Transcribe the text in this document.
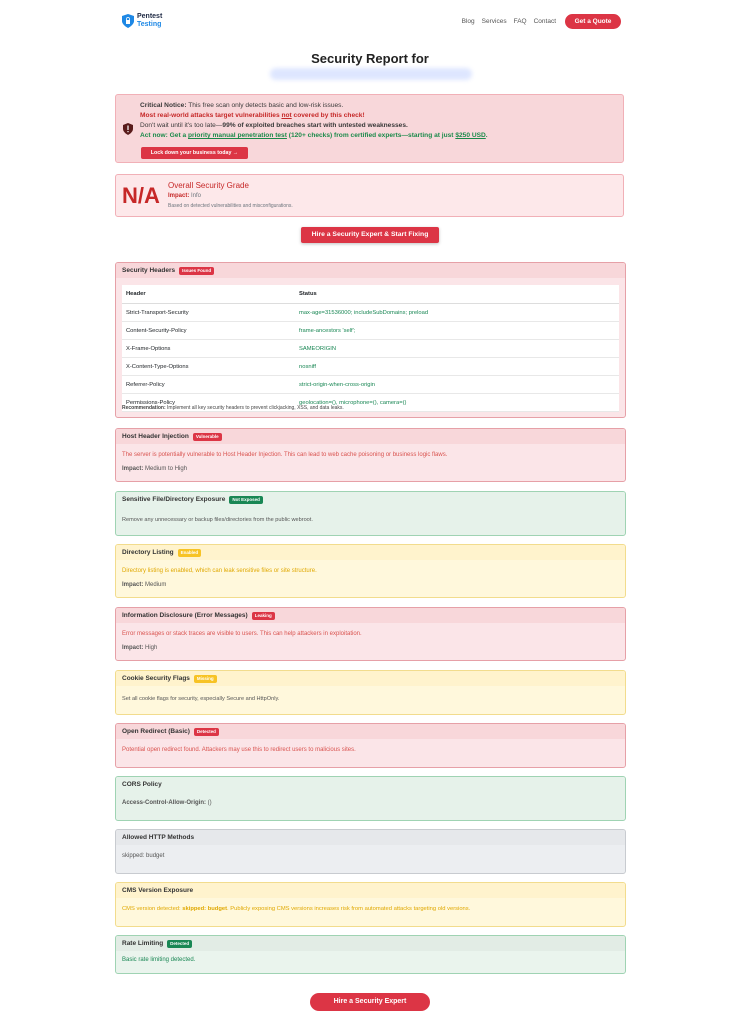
Pentest
Testing	Blog Services FAQ Contact	Get a Quote
Security Report for
Critical Notice: This free scan only detects basic and low-risk issues.
Most real-world attacks target vulnerabilities not covered by this check!
Don't wait until it's too late—99% of exploited breaches start with untested weaknesses.
Act now: Get a priority manual penetration test (120+ checks) from certified experts—starting at just $250 USD.
Lock down your business today →
N/A Overall Security Grade
Impact: Info
Based on detected vulnerabilities and misconfigurations.
Hire a Security Expert & Start Fixing
Security Headers	Issues Found
Header	Status
Strict-Transport-Security	max-age=31536000; includeSubDomains; preload
Content-Security-Policy	frame-ancestors 'self';
X-Frame-Options	SAMEORIGIN
X-Content-Type-Options	nosniff
Referrer-Policy	strict-origin-when-cross-origin
Permissions-Policy	geolocation=(), microphone=(), camera=()
Recommendation: Implement all key security headers to prevent clickjacking, XSS, and data leaks.
Host Header Injection	Vulnerable
The server is potentially vulnerable to Host Header Injection. This can lead to web cache poisoning or business logic flaws.
Impact: Medium to High
Sensitive File/Directory Exposure	Not Exposed
Remove any unnecessary or backup files/directories from the public webroot.
Directory Listing	Enabled
Directory listing is enabled, which can leak sensitive files or site structure.
Impact: Medium
Information Disclosure (Error Messages)	Leaking
Error messages or stack traces are visible to users. This can help attackers in exploitation.
Impact: High
Cookie Security Flags	Missing
Set all cookie flags for security, especially Secure and HttpOnly.
Open Redirect (Basic)	Detected
Potential open redirect found. Attackers may use this to redirect users to malicious sites.
CORS Policy
Access-Control-Allow-Origin: ()
Allowed HTTP Methods
skipped: budget
CMS Version Exposure
CMS version detected: skipped: budget. Publicly exposing CMS versions increases risk from automated attacks targeting old versions.
Rate Limiting	Detected
Basic rate limiting detected.
Hire a Security Expert
